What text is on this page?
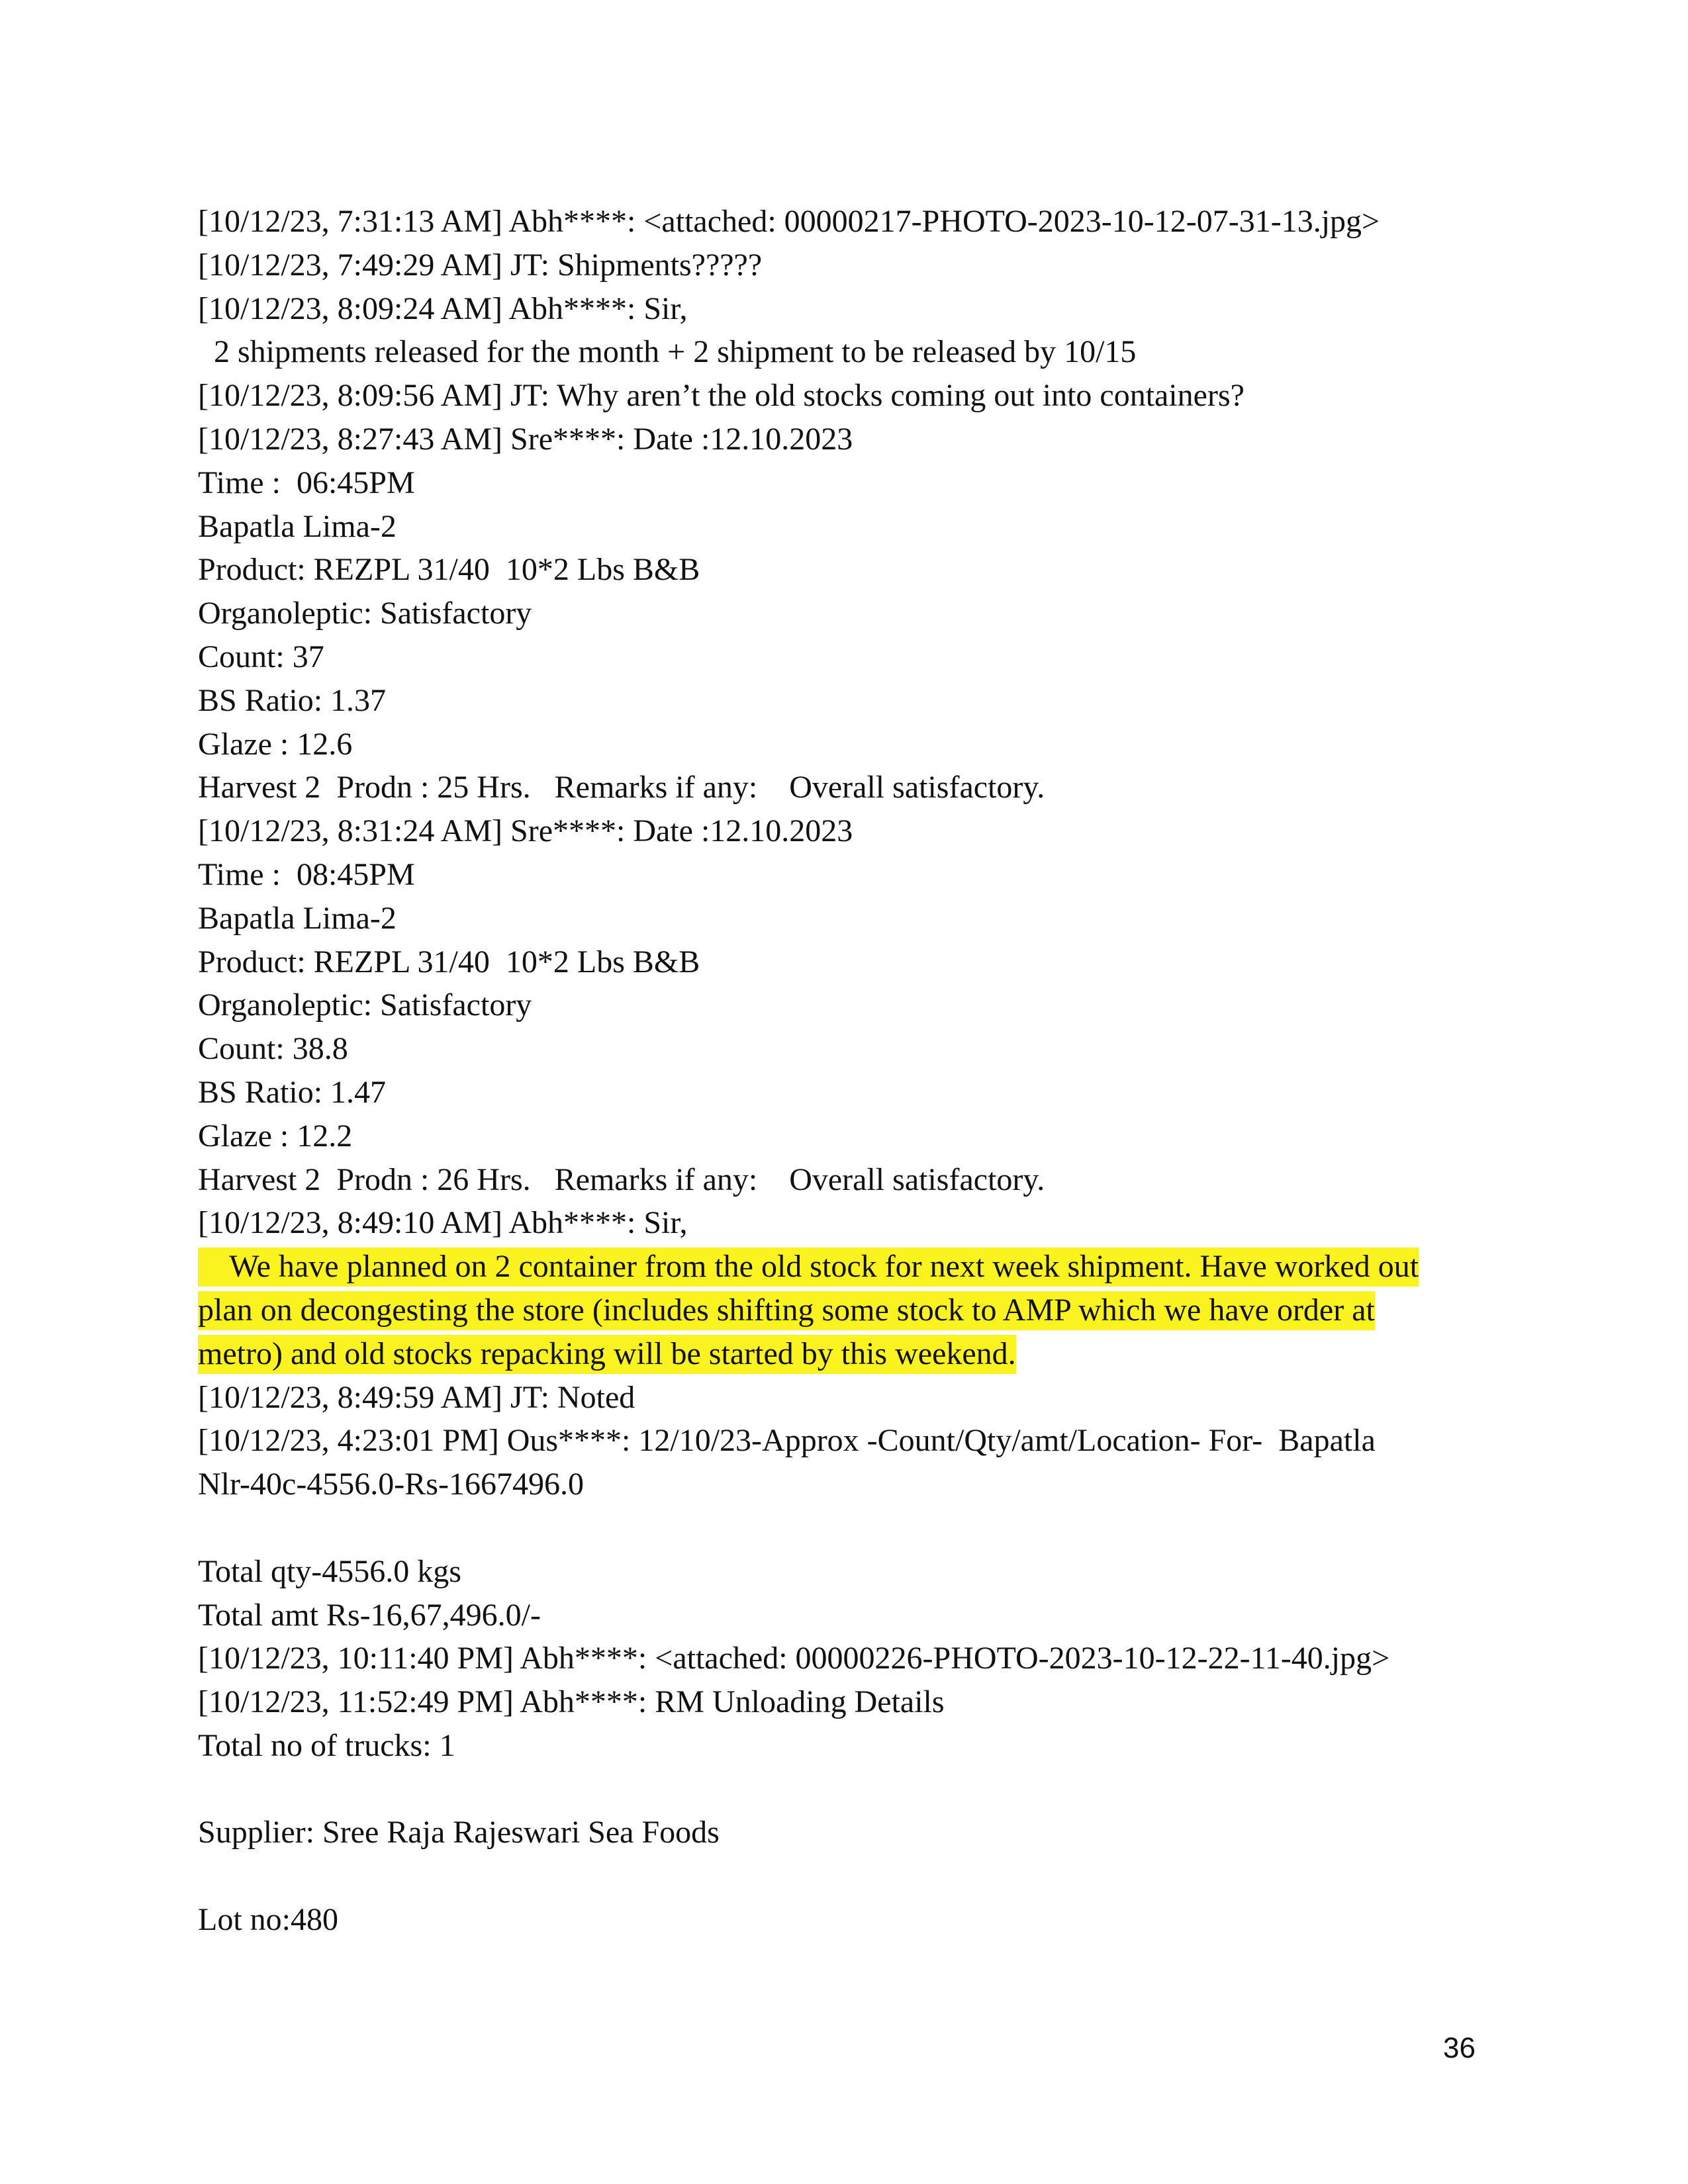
[10/12/23, 7:31:13 AM] Abh****: <attached: 00000217-PHOTO-2023-10-12-07-31-13.jpg>
[10/12/23, 7:49:29 AM] JT: Shipments?????
[10/12/23, 8:09:24 AM] Abh****: Sir,
2 shipments released for the month + 2 shipment to be released by 10/15
[10/12/23, 8:09:56 AM] JT: Why aren’t the old stocks coming out into containers?
[10/12/23, 8:27:43 AM] Sre****: Date :12.10.2023
Time :  06:45PM
Bapatla Lima-2
Product: REZPL 31/40  10*2 Lbs B&B
Organoleptic: Satisfactory
Count: 37
BS Ratio: 1.37
Glaze : 12.6
Harvest 2  Prodn : 25 Hrs.   Remarks if any:    Overall satisfactory.
[10/12/23, 8:31:24 AM] Sre****: Date :12.10.2023
Time :  08:45PM
Bapatla Lima-2
Product: REZPL 31/40  10*2 Lbs B&B
Organoleptic: Satisfactory
Count: 38.8
BS Ratio: 1.47
Glaze : 12.2
Harvest 2  Prodn : 26 Hrs.   Remarks if any:    Overall satisfactory.
[10/12/23, 8:49:10 AM] Abh****: Sir,
We have planned on 2 container from the old stock for next week shipment. Have worked out
plan on decongesting the store (includes shifting some stock to AMP which we have order at
metro) and old stocks repacking will be started by this weekend.
[10/12/23, 8:49:59 AM] JT: Noted
[10/12/23, 4:23:01 PM] Ous****: 12/10/23-Approx -Count/Qty/amt/Location- For-  Bapatla
Nlr-40c-4556.0-Rs-1667496.0
Total qty-4556.0 kgs
Total amt Rs-16,67,496.0/-
[10/12/23, 10:11:40 PM] Abh****: <attached: 00000226-PHOTO-2023-10-12-22-11-40.jpg>
[10/12/23, 11:52:49 PM] Abh****: RM Unloading Details
Total no of trucks: 1
Supplier: Sree Raja Rajeswari Sea Foods
Lot no:480
36
